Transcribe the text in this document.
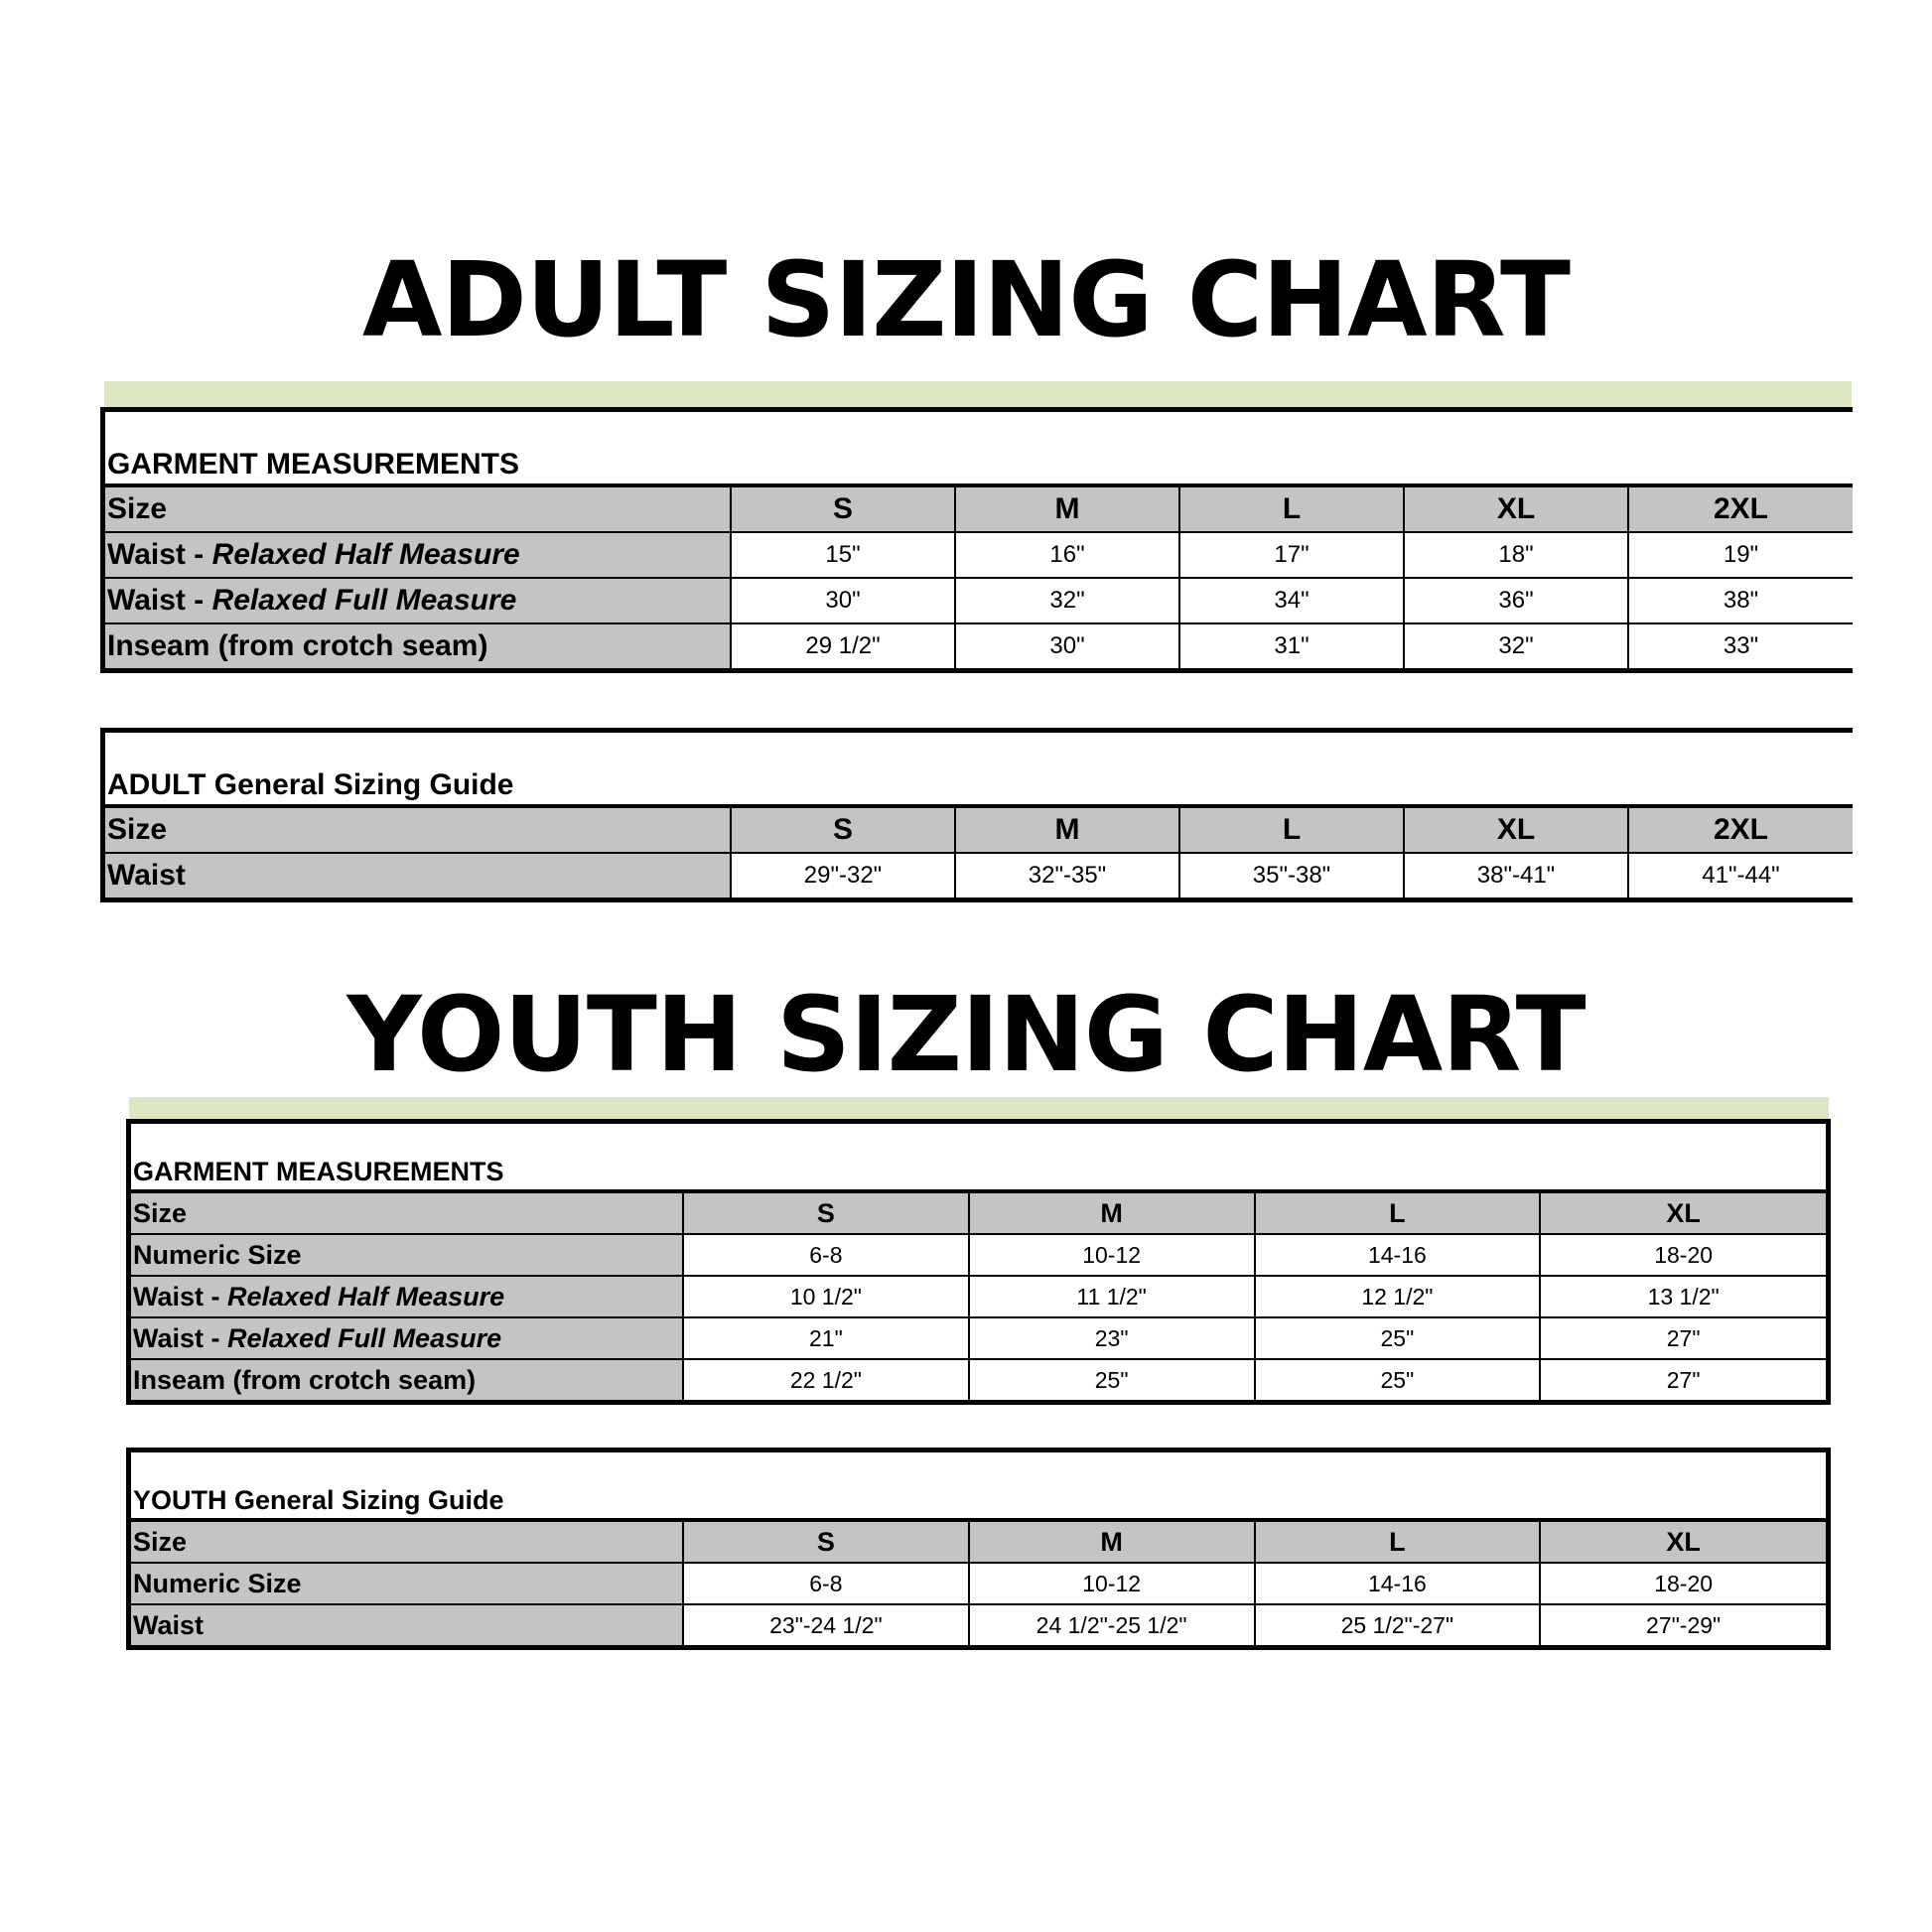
ADULT SIZING CHART
GARMENT MEASUREMENTS
Size	S	M	L	XL	2XL
Waist - Relaxed Half Measure	15"	16"	17"	18"	19"
Waist - Relaxed Full Measure	30"	32"	34"	36"	38"
Inseam (from crotch seam)	29 1/2"	30"	31"	32"	33"
ADULT General Sizing Guide
Size	S	M	L	XL	2XL
Waist	29"-32"	32"-35"	35"-38"	38"-41"	41"-44"
YOUTH SIZING CHART
GARMENT MEASUREMENTS
Size	S	M	L	XL
Numeric Size	6-8	10-12	14-16	18-20
Waist - Relaxed Half Measure	10 1/2"	11 1/2"	12 1/2"	13 1/2"
Waist - Relaxed Full Measure	21"	23"	25"	27"
Inseam (from crotch seam)	22 1/2"	25"	25"	27"
YOUTH General Sizing Guide
Size	S	M	L	XL
Numeric Size	6-8	10-12	14-16	18-20
Waist	23"-24 1/2"	24 1/2"-25 1/2"	25 1/2"-27"	27"-29"
